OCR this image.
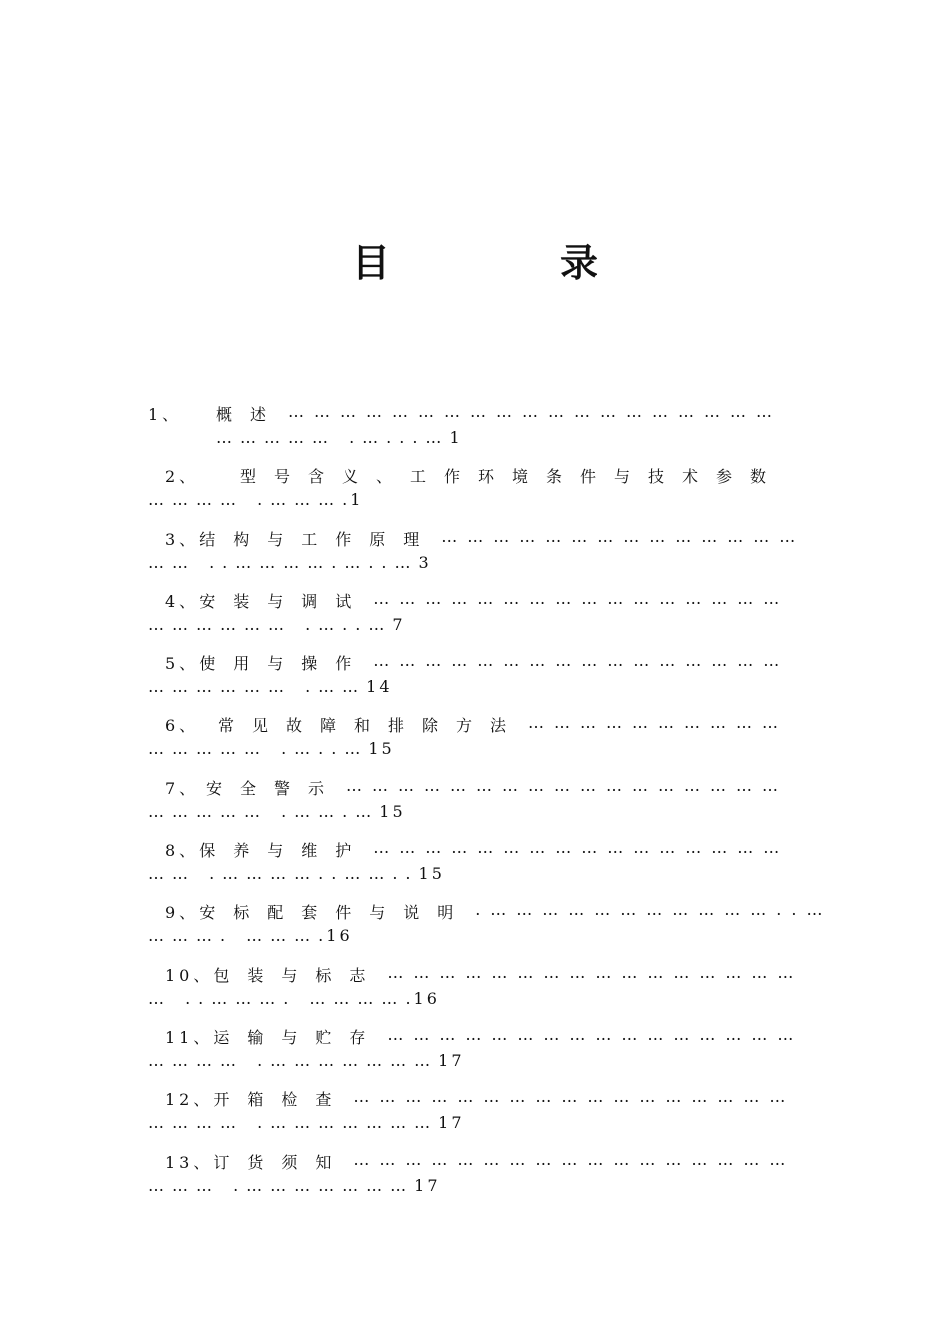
目	录
1、	概述 …………………………………………………
…………… .…...…1
2、	型号含义、工作环境条件与技术参数
………… .……….1
3、 结构与工作原理 ……………………………………
…… ..………….…..…3
4、 安装与调试 …………………………………………
……………… .…..…7
5、 使用与操作 …………………………………………
……………… .……14
6、	常见故障和排除方法 …………………………
…………… .…..…15
7、 安全警示 ……………………………………………
…………… .…….…15
8、 保养与维护 …………………………………………
…… .…………..……..15
9、 安标配套件与说明 .……………………………..…
………. ……….16
10、 包装与标志 …………………………………………
… ..………. ………….16
11、 运输与贮存 …………………………………………
………… .…………………17
12、 开箱检查 ……………………………………………
………… .…………………17
13、 订货须知 ……………………………………………
……… .…………………17
